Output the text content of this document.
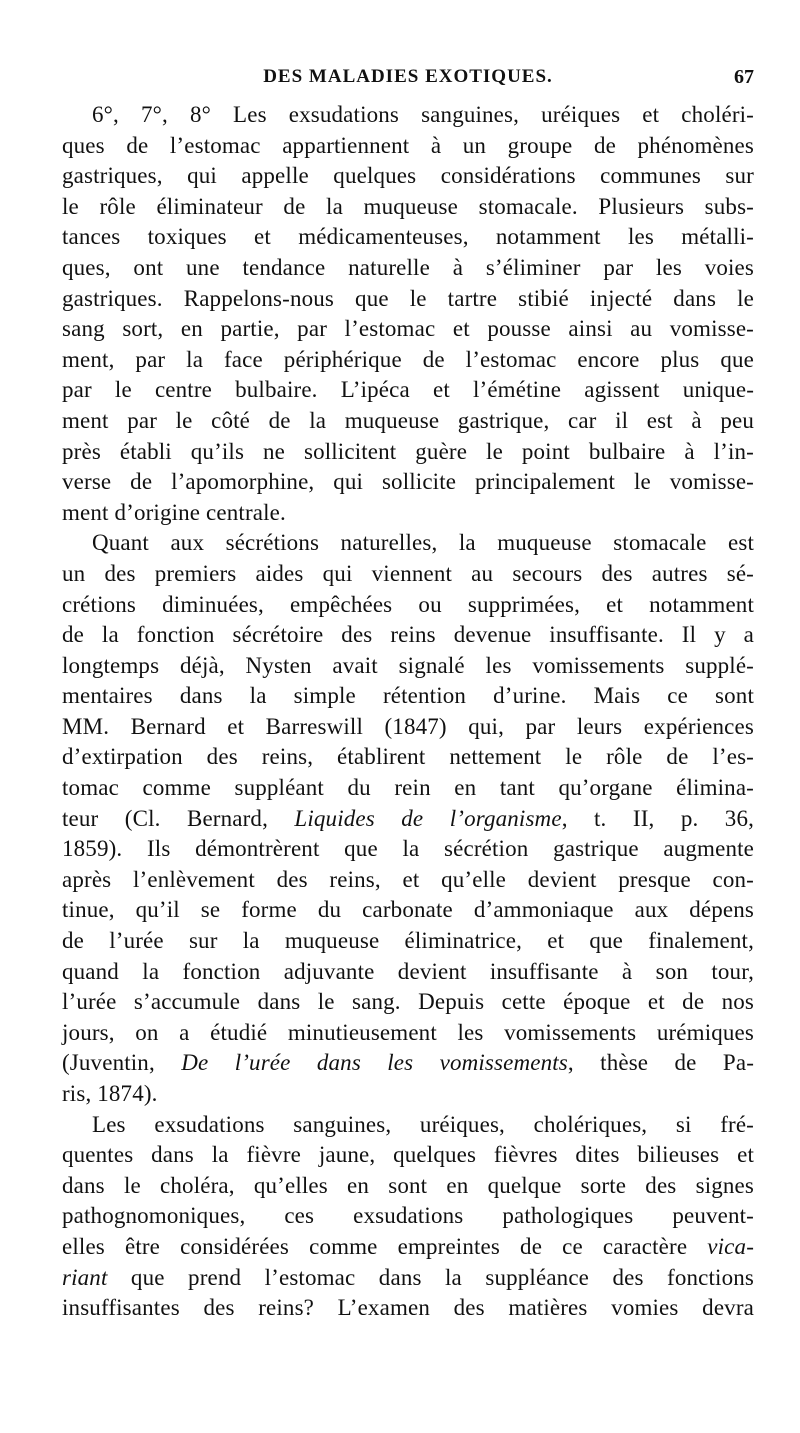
DES MALADIES EXOTIQUES.	67
6°, 7°, 8° Les exsudations sanguines, uréiques et choléri-
ques de l’estomac appartiennent à un groupe de phénomènes
gastriques, qui appelle quelques considérations communes sur
le rôle éliminateur de la muqueuse stomacale. Plusieurs subs-
tances toxiques et médicamenteuses, notamment les métalli-
ques, ont une tendance naturelle à s’éliminer par les voies
gastriques. Rappelons-nous que le tartre stibié injecté dans le
sang sort, en partie, par l’estomac et pousse ainsi au vomisse-
ment, par la face périphérique de l’estomac encore plus que
par le centre bulbaire. L’ipéca et l’émétine agissent unique-
ment par le côté de la muqueuse gastrique, car il est à peu
près établi qu’ils ne sollicitent guère le point bulbaire à l’in-
verse de l’apomorphine, qui sollicite principalement le vomisse-
ment d’origine centrale.
Quant aux sécrétions naturelles, la muqueuse stomacale est
un des premiers aides qui viennent au secours des autres sé-
crétions diminuées, empêchées ou supprimées, et notamment
de la fonction sécrétoire des reins devenue insuffisante. Il y a
longtemps déjà, Nysten avait signalé les vomissements supplé-
mentaires dans la simple rétention d’urine. Mais ce sont
MM. Bernard et Barreswill (1847) qui, par leurs expériences
d’extirpation des reins, établirent nettement le rôle de l’es-
tomac comme suppléant du rein en tant qu’organe élimina-
teur (Cl. Bernard, Liquides de l’organisme, t. II, p. 36,
1859). Ils démontrèrent que la sécrétion gastrique augmente
après l’enlèvement des reins, et qu’elle devient presque con-
tinue, qu’il se forme du carbonate d’ammoniaque aux dépens
de l’urée sur la muqueuse éliminatrice, et que finalement,
quand la fonction adjuvante devient insuffisante à son tour,
l’urée s’accumule dans le sang. Depuis cette époque et de nos
jours, on a étudié minutieusement les vomissements urémiques
(Juventin, De l’urée dans les vomissements, thèse de Pa-
ris, 1874).
Les exsudations sanguines, uréiques, cholériques, si fré-
quentes dans la fièvre jaune, quelques fièvres dites bilieuses et
dans le choléra, qu’elles en sont en quelque sorte des signes
pathognomoniques, ces exsudations pathologiques peuvent-
elles être considérées comme empreintes de ce caractère vica-
riant que prend l’estomac dans la suppléance des fonctions
insuffisantes des reins? L’examen des matières vomies devra
